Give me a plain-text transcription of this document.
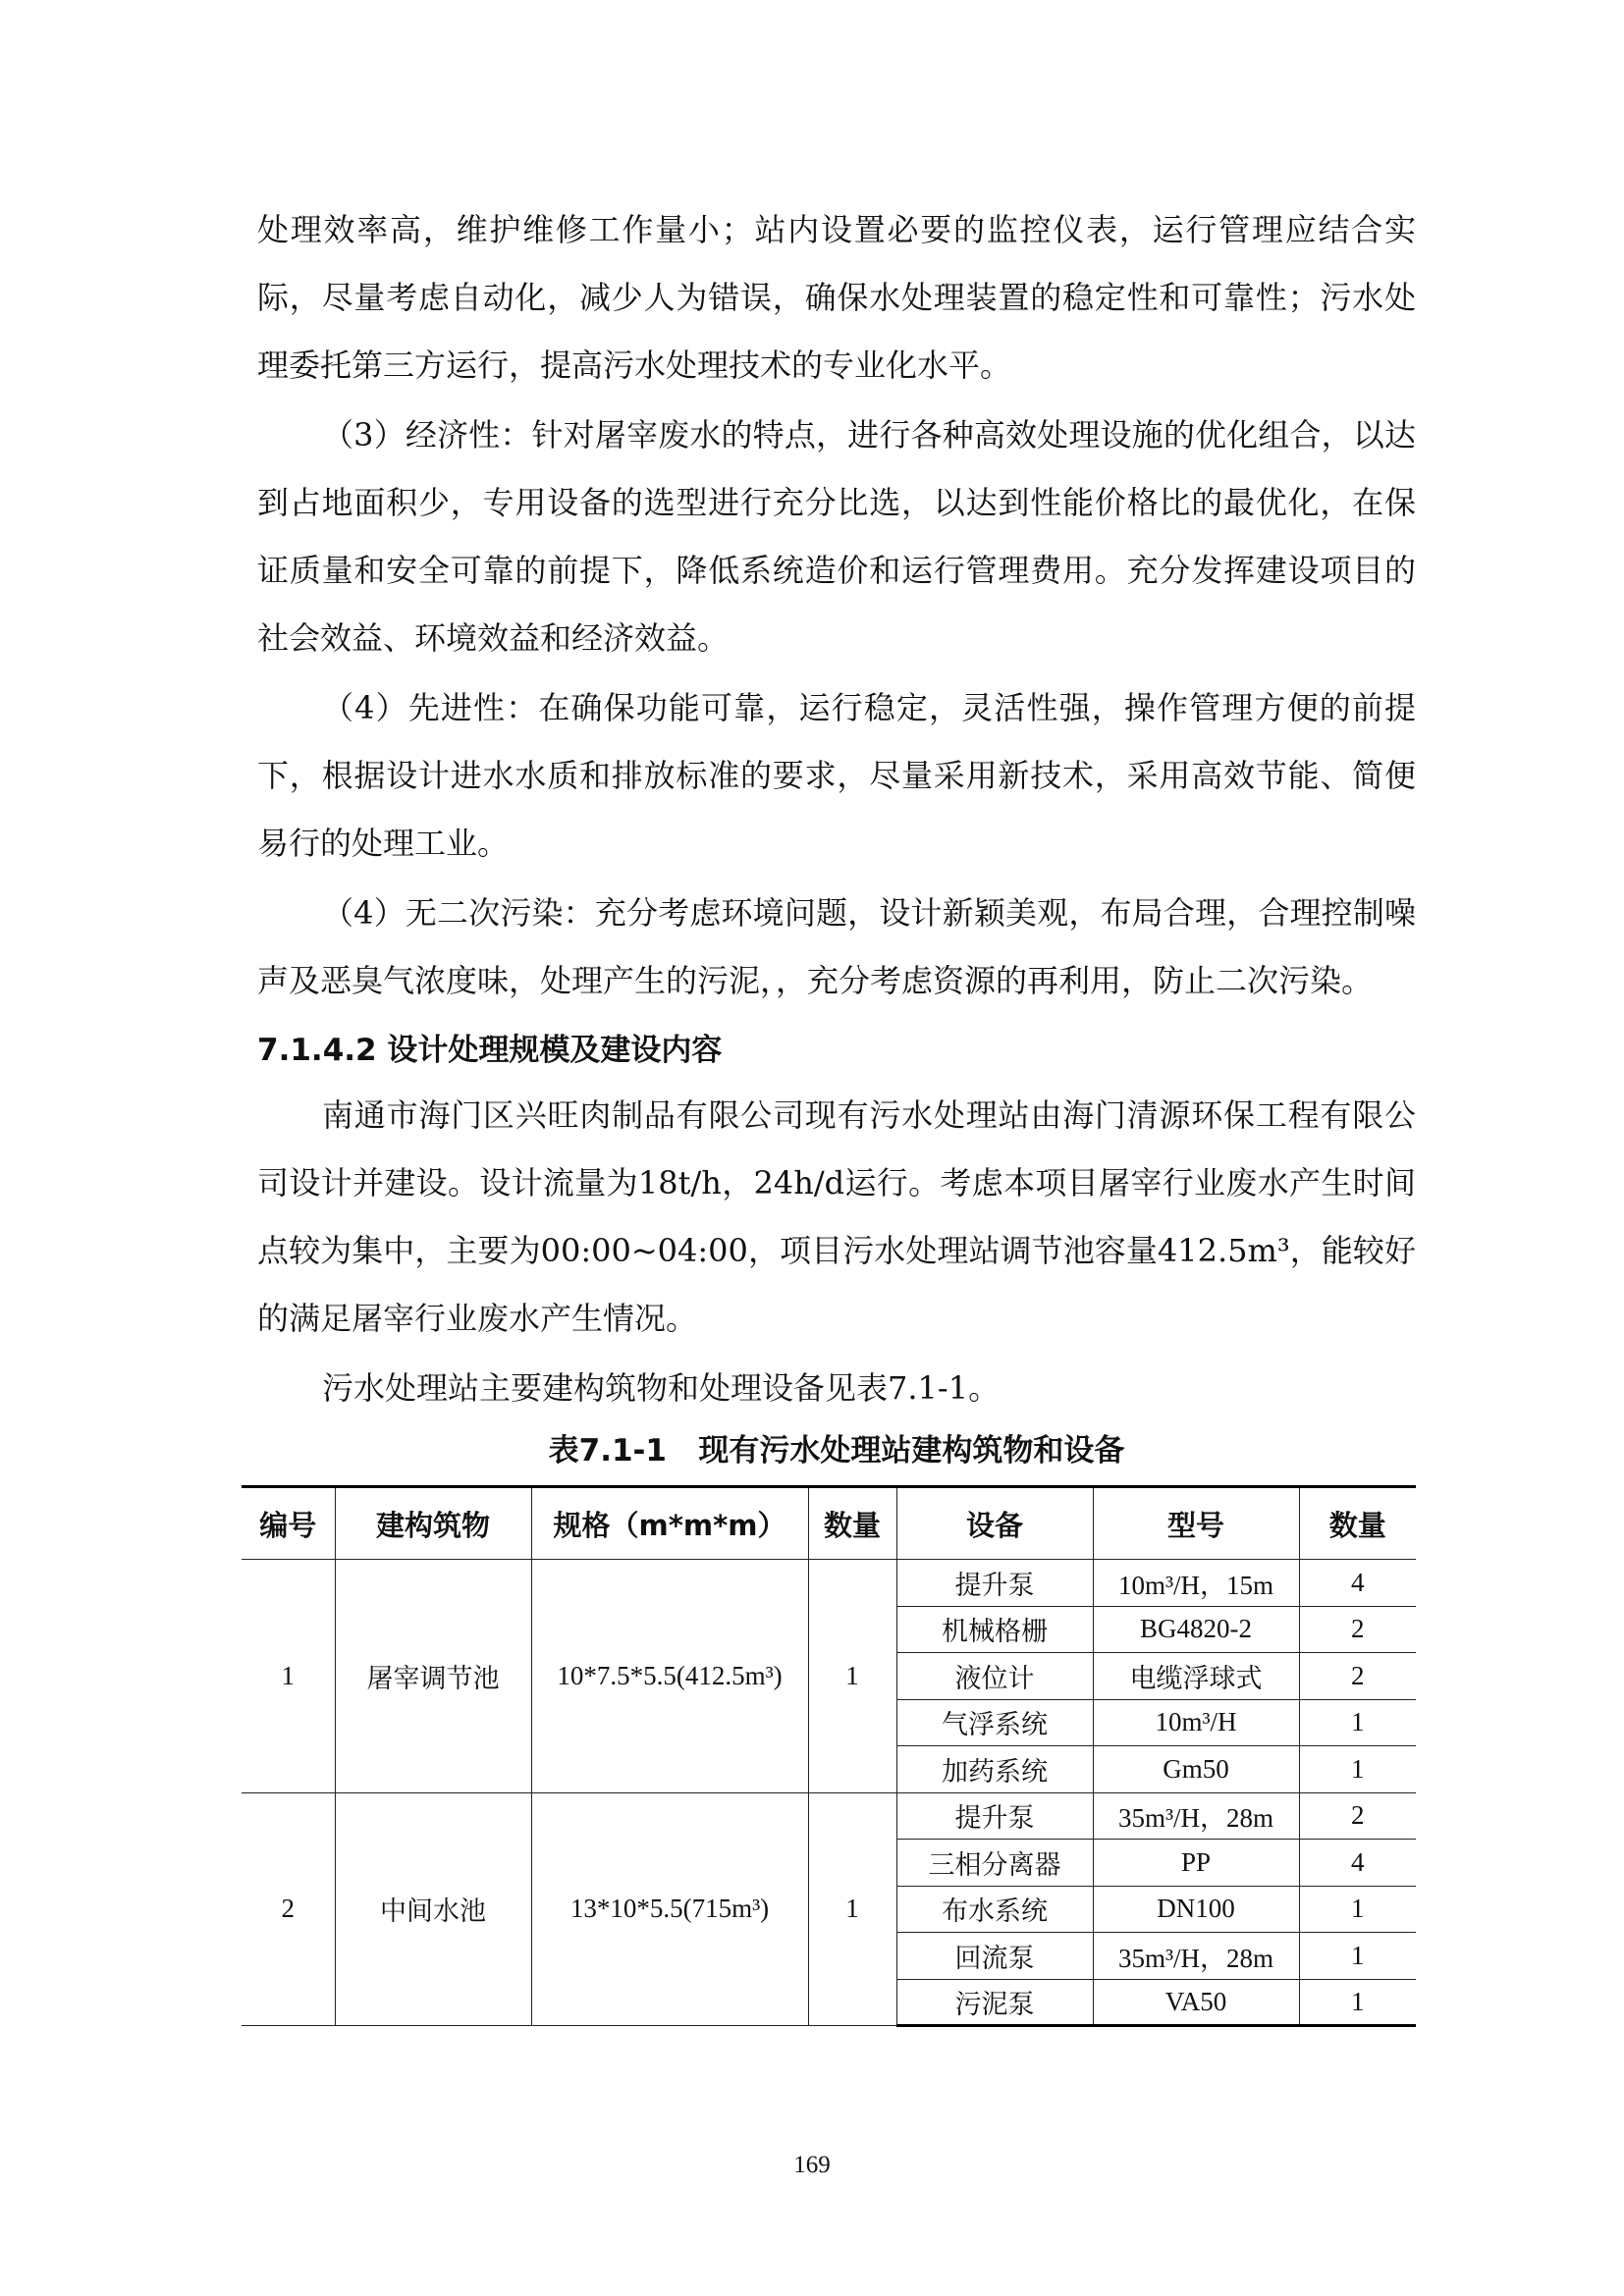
处理效率高，维护维修工作量小；站内设置必要的监控仪表，运行管理应结合实际，尽量考虑自动化，减少人为错误，确保水处理装置的稳定性和可靠性；污水处理委托第三方运行，提高污水处理技术的专业化水平。

（3）经济性：针对屠宰废水的特点，进行各种高效处理设施的优化组合，以达到占地面积少，专用设备的选型进行充分比选，以达到性能价格比的最优化，在保证质量和安全可靠的前提下，降低系统造价和运行管理费用。充分发挥建设项目的社会效益、环境效益和经济效益。

（4）先进性：在确保功能可靠，运行稳定，灵活性强，操作管理方便的前提下，根据设计进水水质和排放标准的要求，尽量采用新技术，采用高效节能、简便易行的处理工业。

（4）无二次污染：充分考虑环境问题，设计新颖美观，布局合理，合理控制噪声及恶臭气浓度味，处理产生的污泥，，充分考虑资源的再利用，防止二次污染。

7.1.4.2 设计处理规模及建设内容

南通市海门区兴旺肉制品有限公司现有污水处理站由海门清源环保工程有限公司设计并建设。设计流量为18t/h，24h/d运行。考虑本项目屠宰行业废水产生时间点较为集中，主要为00:00~04:00，项目污水处理站调节池容量412.5m³，能较好的满足屠宰行业废水产生情况。

污水处理站主要建构筑物和处理设备见表7.1-1。

表7.1-1   现有污水处理站建构筑物和设备
编号	建构筑物	规格（m*m*m）	数量	设备	型号	数量
1	屠宰调节池	10*7.5*5.5(412.5m³)	1	提升泵	10m³/H，15m	4
				机械格栅	BG4820-2	2
				液位计	电缆浮球式	2
				气浮系统	10m³/H	1
				加药系统	Gm50	1
2	中间水池	13*10*5.5(715m³)	1	提升泵	35m³/H，28m	2
				三相分离器	PP	4
				布水系统	DN100	1
				回流泵	35m³/H，28m	1
				污泥泵	VA50	1
169
